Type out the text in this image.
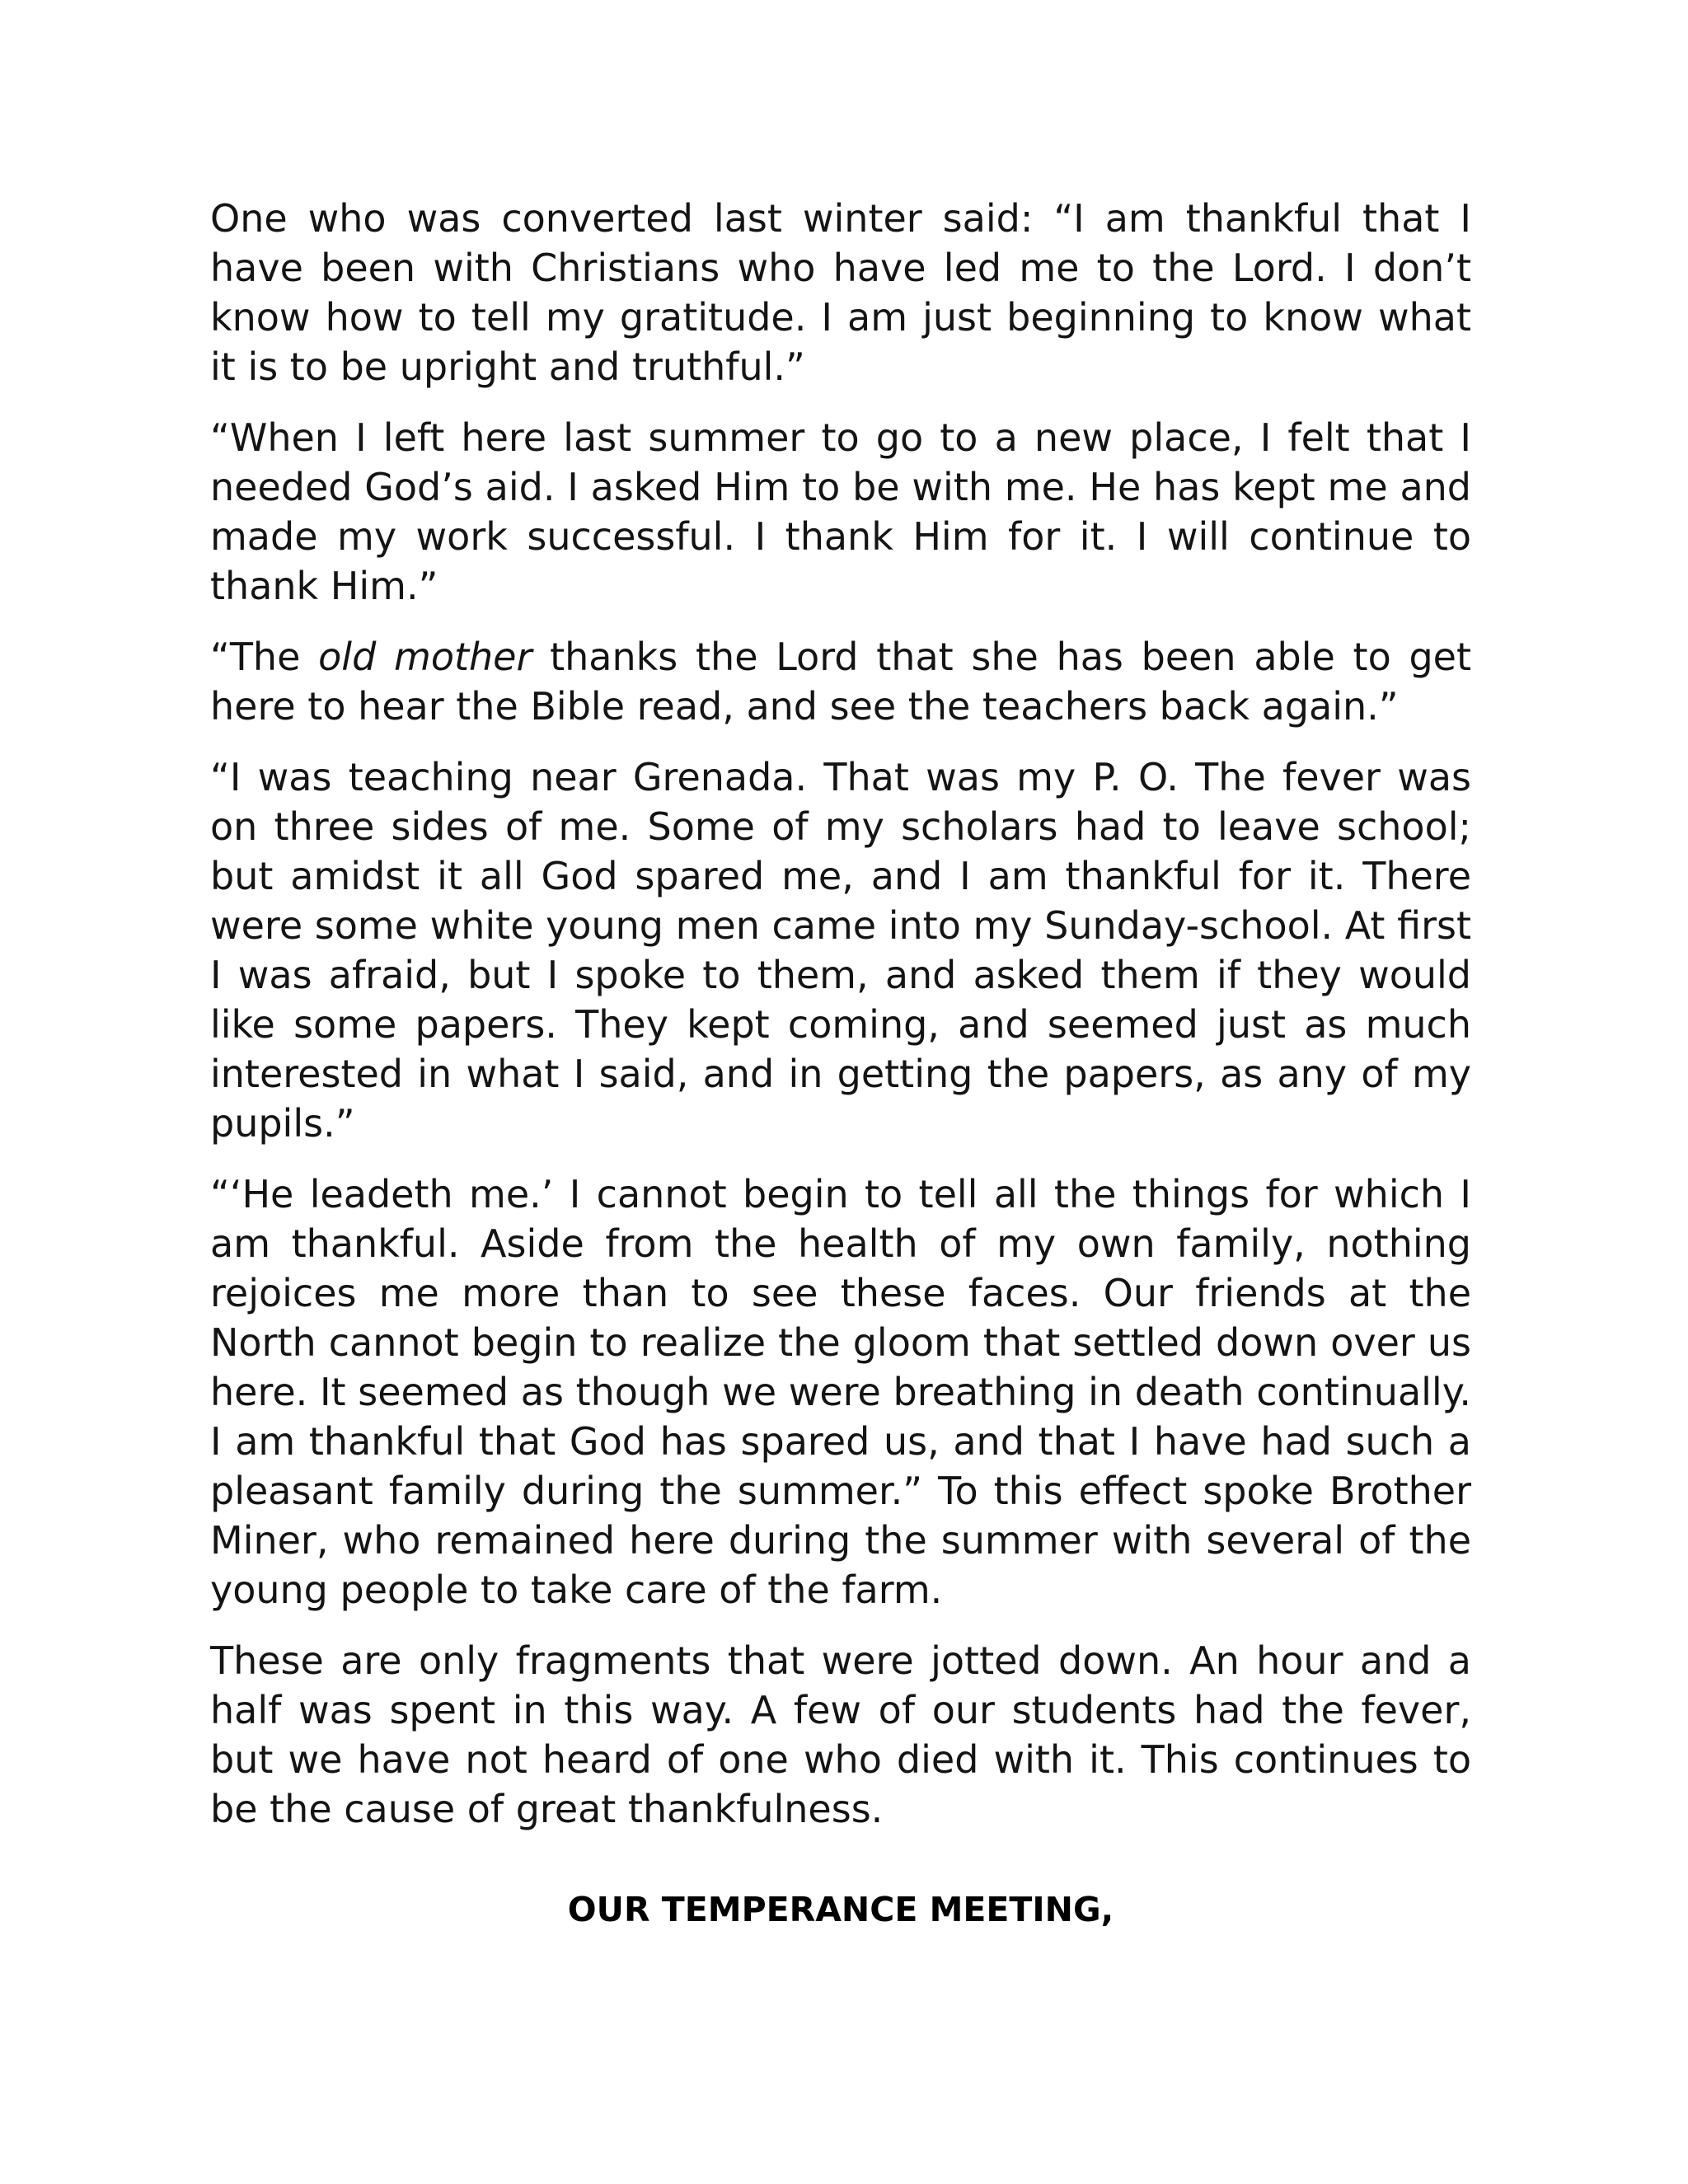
One who was converted last winter said: “I am thankful that I have been with Christians who have led me to the Lord. I don’t know how to tell my gratitude. I am just beginning to know what it is to be upright and truthful.”

“When I left here last summer to go to a new place, I felt that I needed God’s aid. I asked Him to be with me. He has kept me and made my work successful. I thank Him for it. I will continue to thank Him.”

“The old mother thanks the Lord that she has been able to get here to hear the Bible read, and see the teachers back again.”

“I was teaching near Grenada. That was my P. O. The fever was on three sides of me. Some of my scholars had to leave school; but amidst it all God spared me, and I am thankful for it. There were some white young men came into my Sunday-school. At first I was afraid, but I spoke to them, and asked them if they would like some papers. They kept coming, and seemed just as much interested in what I said, and in getting the papers, as any of my pupils.”

“‘He leadeth me.’ I cannot begin to tell all the things for which I am thankful. Aside from the health of my own family, nothing rejoices me more than to see these faces. Our friends at the North cannot begin to realize the gloom that settled down over us here. It seemed as though we were breathing in death continually. I am thankful that God has spared us, and that I have had such a pleasant family during the summer.” To this effect spoke Brother Miner, who remained here during the summer with several of the young people to take care of the farm.

These are only fragments that were jotted down. An hour and a half was spent in this way. A few of our students had the fever, but we have not heard of one who died with it. This continues to be the cause of great thankfulness.

OUR TEMPERANCE MEETING,
